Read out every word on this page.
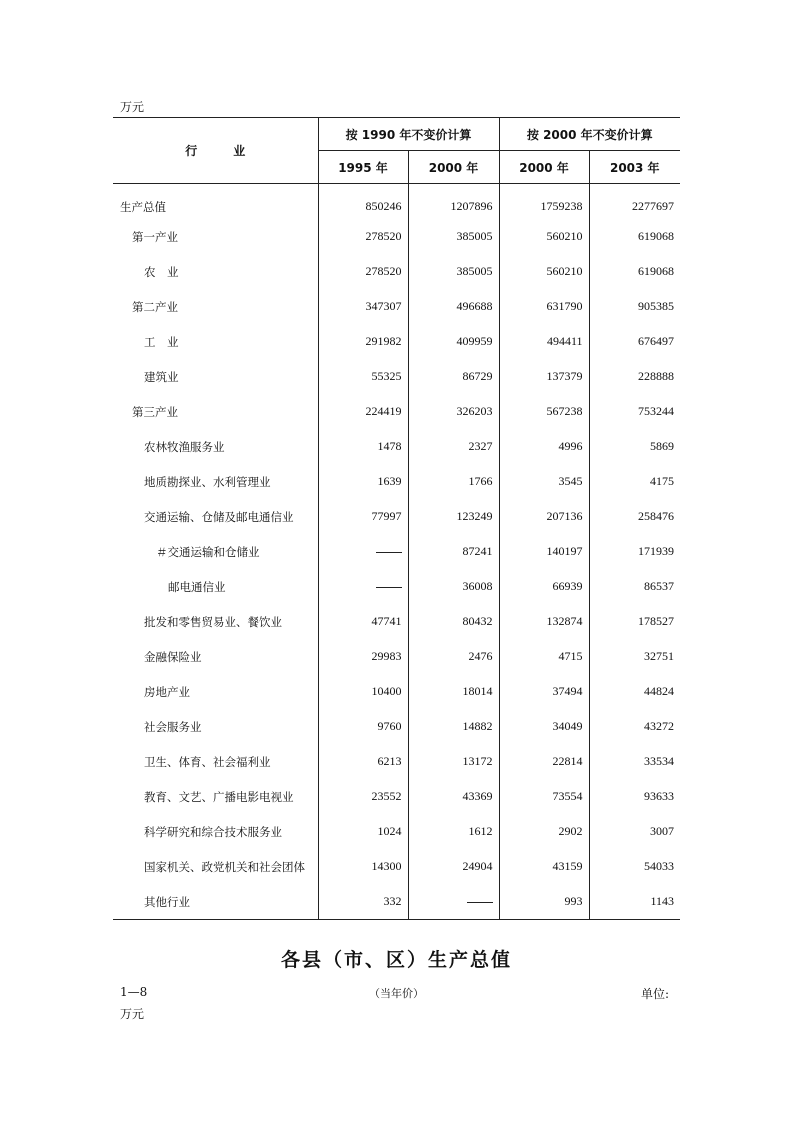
万元
行　　　业	按 1990 年不变价计算		按 2000 年不变价计算	
	1995 年	2000 年	2000 年	2003 年
生产总值	850246	1207896	1759238	2277697
第一产业	278520	385005	560210	619068
农　业	278520	385005	560210	619068
第二产业	347307	496688	631790	905385
工　业	291982	409959	494411	676497
建筑业	55325	86729	137379	228888
第三产业	224419	326203	567238	753244
农林牧渔服务业	1478	2327	4996	5869
地质勘探业、水利管理业	1639	1766	3545	4175
交通运输、仓储及邮电通信业	77997	123249	207136	258476
＃交通运输和仓储业		87241	140197	171939
邮电通信业		36008	66939	86537
批发和零售贸易业、餐饮业	47741	80432	132874	178527
金融保险业	29983	2476	4715	32751
房地产业	10400	18014	37494	44824
社会服务业	9760	14882	34049	43272
卫生、体育、社会福利业	6213	13172	22814	33534
教育、文艺、广播电影电视业	23552	43369	73554	93633
科学研究和综合技术服务业	1024	1612	2902	3007
国家机关、政党机关和社会团体	14300	24904	43159	54033
其他行业	332		993	1143
各县（市、区）生产总值
1—8	（当年价）	单位:
万元
